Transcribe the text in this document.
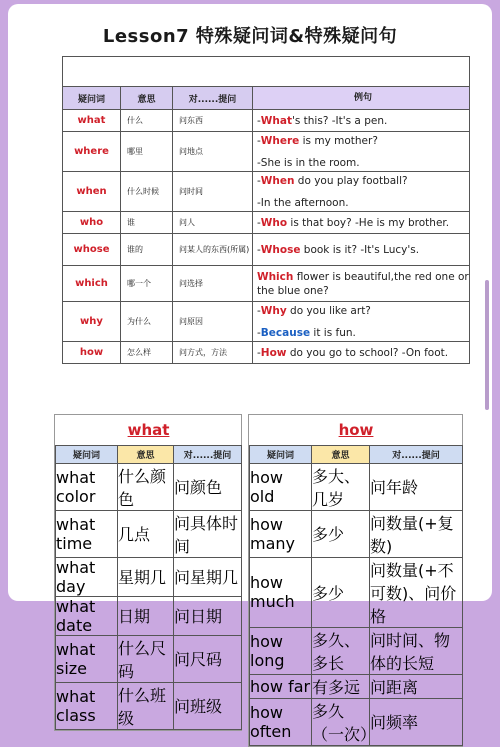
Lesson7 特殊疑问词&特殊疑问句

疑问词	意思	对......提问	例句
what	什么	问东西	-What's this? -It's a pen.

where	哪里	问地点	-Where is my mother?
-She is in the room.

when	什么时候	问时间	-When do you play football?
-In the afternoon.

who	谁	问人	-Who is that boy? -He is my brother.

whose	谁的	问某人的东西(所属)	-Whose book is it? -It's Lucy's.

which	哪一个	问选择	Which flower is beautiful,the red one or the blue one?

why	为什么	问原因	-Why do you like art?
-Because it is fun.

how	怎么样	问方式，方法	-How do you go to school? -On foot.
what		
疑问词	意思	对......提问
what color	什么颜色	问颜色
what time	几点	问具体时间
what day	星期几	问星期几
what date	日期	问日期
what size	什么尺码	问尺码
what class	什么班级	问班级
how		
疑问词	意思	对......提问
how old	多大、几岁	问年龄
how many	多少	问数量(+复数)
how much	多少	问数量(+不可数)、问价格
how long	多久、多长	问时间、物体的长短
how far	有多远	问距离
how often	多久（一次）	问频率
